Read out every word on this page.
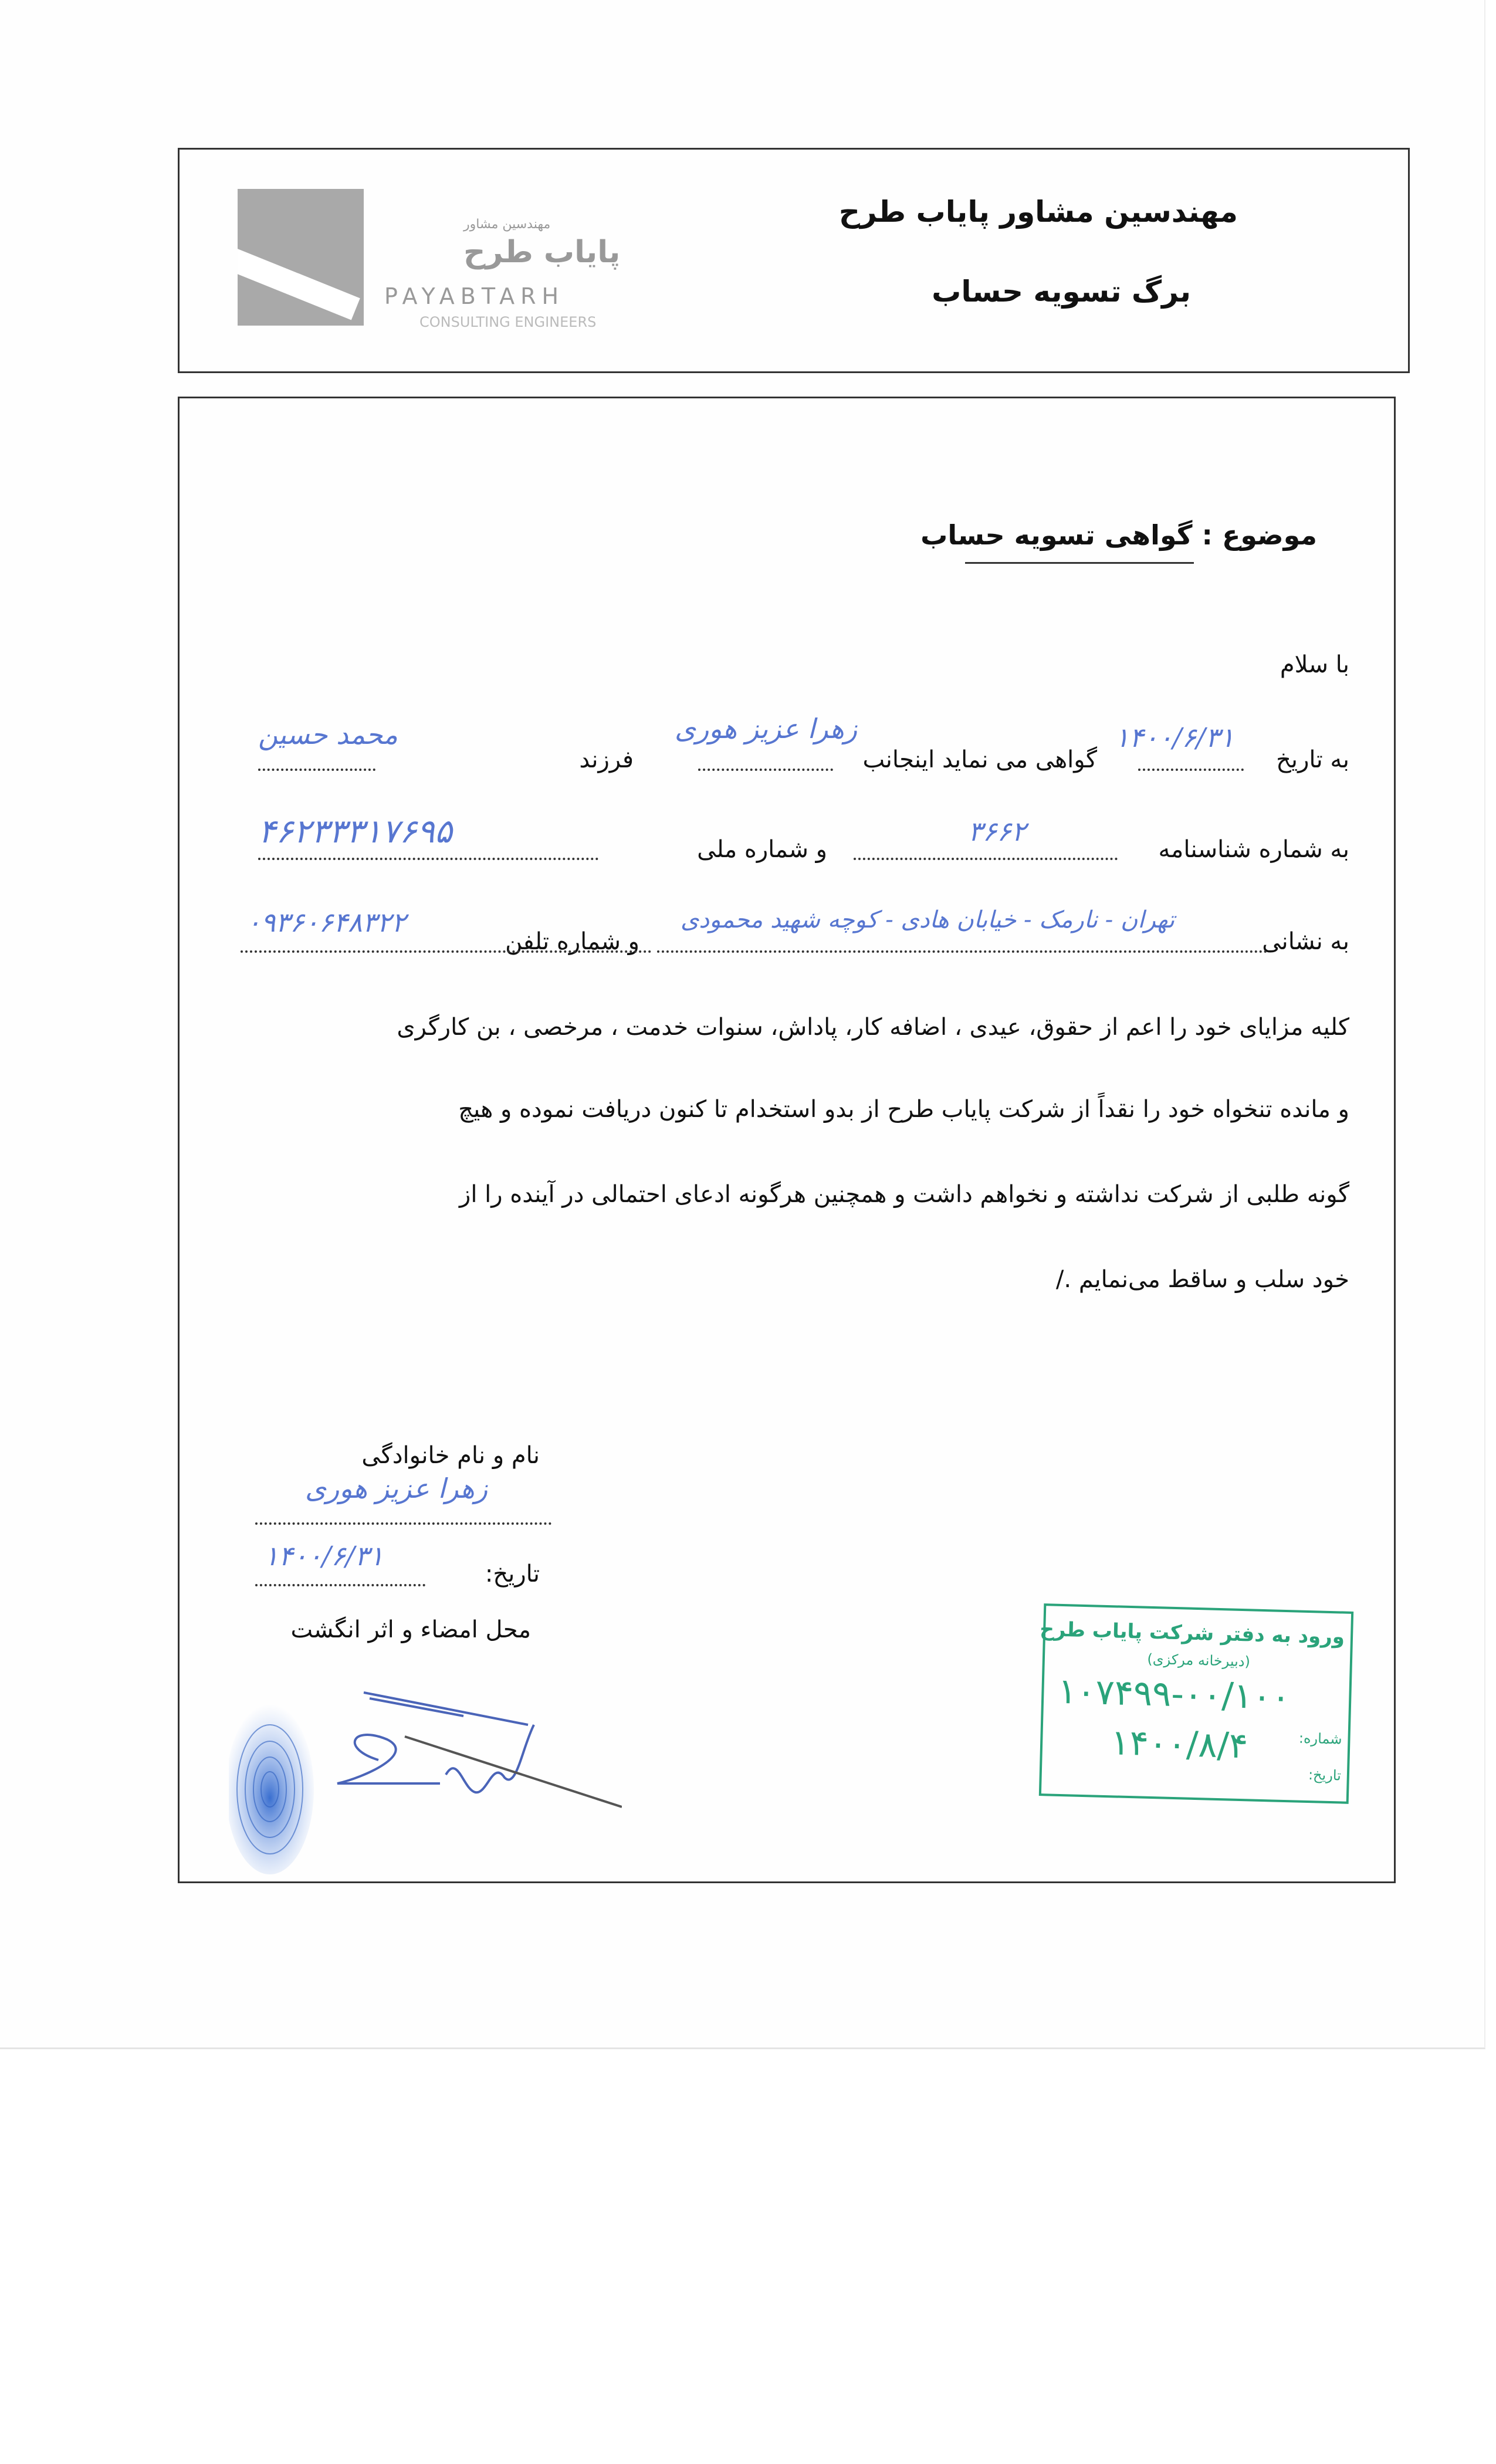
مهندسین مشاور
پایاب طرح
PAYABTARH
CONSULTING ENGINEERS
مهندسین مشاور پایاب طرح
برگ تسویه حساب
موضوع : گواهی تسویه حساب
با سلام
به تاریخ
۱۴۰۰/۶/۳۱
گواهی می نماید اینجانب
زهرا عزیز هوری
فرزند
محمد حسین
به شماره شناسنامه
۳۶۶۲
و شماره ملی
۴۶۲۳۳۳۱۷۶۹۵
به نشانی
تهران - نارمک - خیابان هادی - کوچه شهید محمودی
و شماره تلفن
۰۹۳۶۰۶۴۸۳۲۲
کلیه مزایای خود را اعم از حقوق، عیدی ، اضافه کار، پاداش، سنوات خدمت ، مرخصی ، بن کارگری
و مانده تنخواه خود را نقداً از شرکت پایاب طرح از بدو استخدام تا کنون دریافت نموده و هیچ
گونه طلبی از شرکت نداشته و نخواهم داشت و همچنین هرگونه ادعای احتمالی در آینده را از
خود سلب و ساقط می‌نمایم ./
نام و نام خانوادگی
زهرا عزیز هوری
تاریخ:
۱۴۰۰/۶/۳۱
محل امضاء و اثر انگشت	ورود به دفتر شرکت پایاب طرح
(دبیرخانه مرکزی)
شماره:
۱۰۷۴۹۹-۰۰/۱۰۰
تاریخ:
۱۴۰۰/۸/۴
